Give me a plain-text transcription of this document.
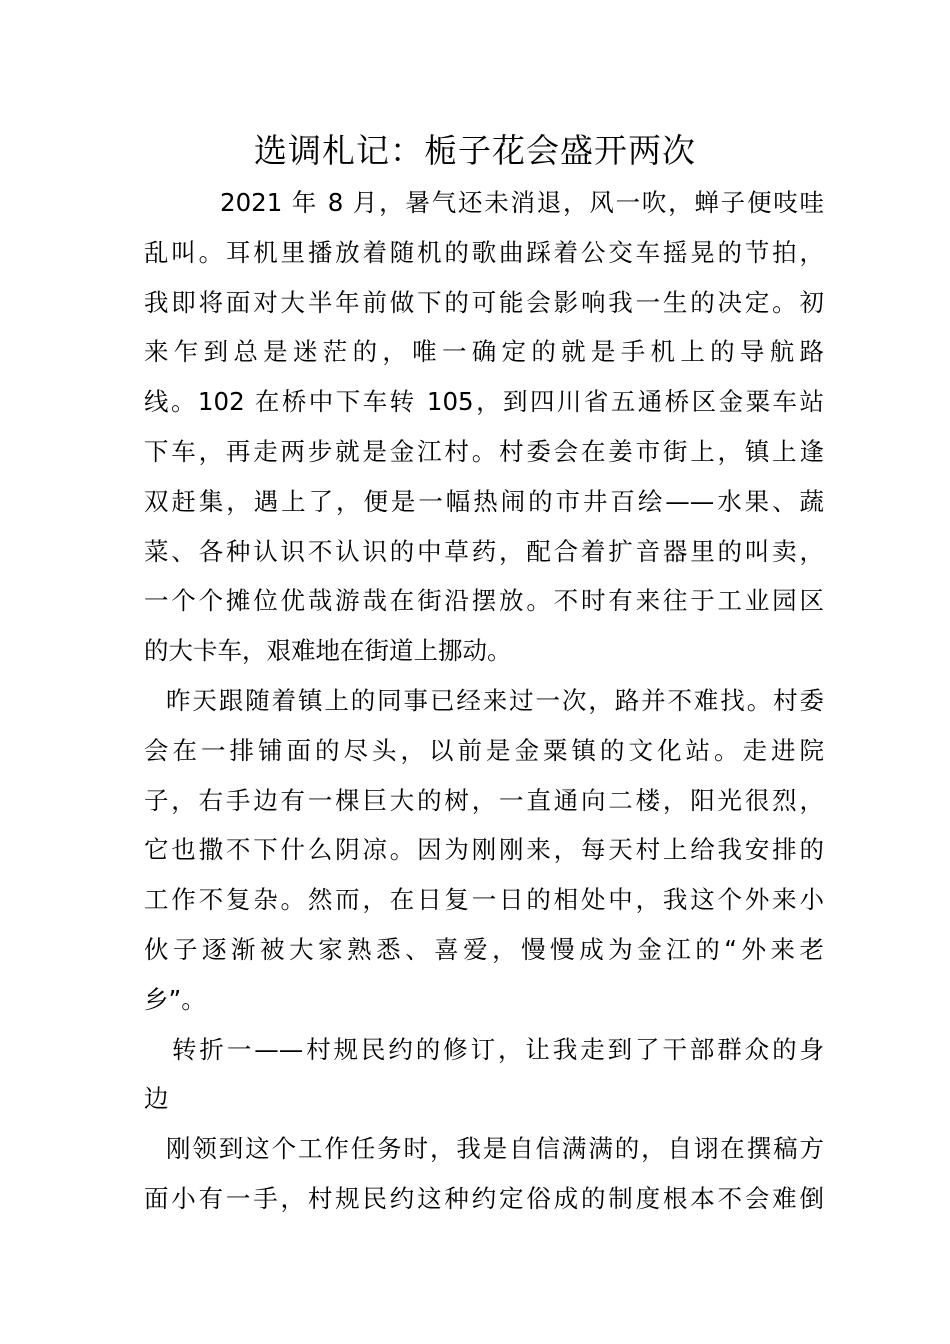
选调札记：栀子花会盛开两次
2021 年 8 月，暑气还未消退，风一吹，蝉子便吱哇
乱叫。耳机里播放着随机的歌曲踩着公交车摇晃的节拍，
我即将面对大半年前做下的可能会影响我一生的决定。初
来乍到总是迷茫的，唯一确定的就是手机上的导航路
线。102 在桥中下车转 105，到四川省五通桥区金粟车站
下车，再走两步就是金江村。村委会在姜市街上，镇上逢
双赶集，遇上了，便是一幅热闹的市井百绘——水果、蔬
菜、各种认识不认识的中草药，配合着扩音器里的叫卖，
一个个摊位优哉游哉在街沿摆放。不时有来往于工业园区
的大卡车，艰难地在街道上挪动。
昨天跟随着镇上的同事已经来过一次，路并不难找。村委
会在一排铺面的尽头，以前是金粟镇的文化站。走进院
子，右手边有一棵巨大的树，一直通向二楼，阳光很烈，
它也撒不下什么阴凉。因为刚刚来，每天村上给我安排的
工作不复杂。然而，在日复一日的相处中，我这个外来小
伙子逐渐被大家熟悉、喜爱，慢慢成为金江的“外来老
乡”。
转折一——村规民约的修订，让我走到了干部群众的身
边
刚领到这个工作任务时，我是自信满满的，自诩在撰稿方
面小有一手，村规民约这种约定俗成的制度根本不会难倒
